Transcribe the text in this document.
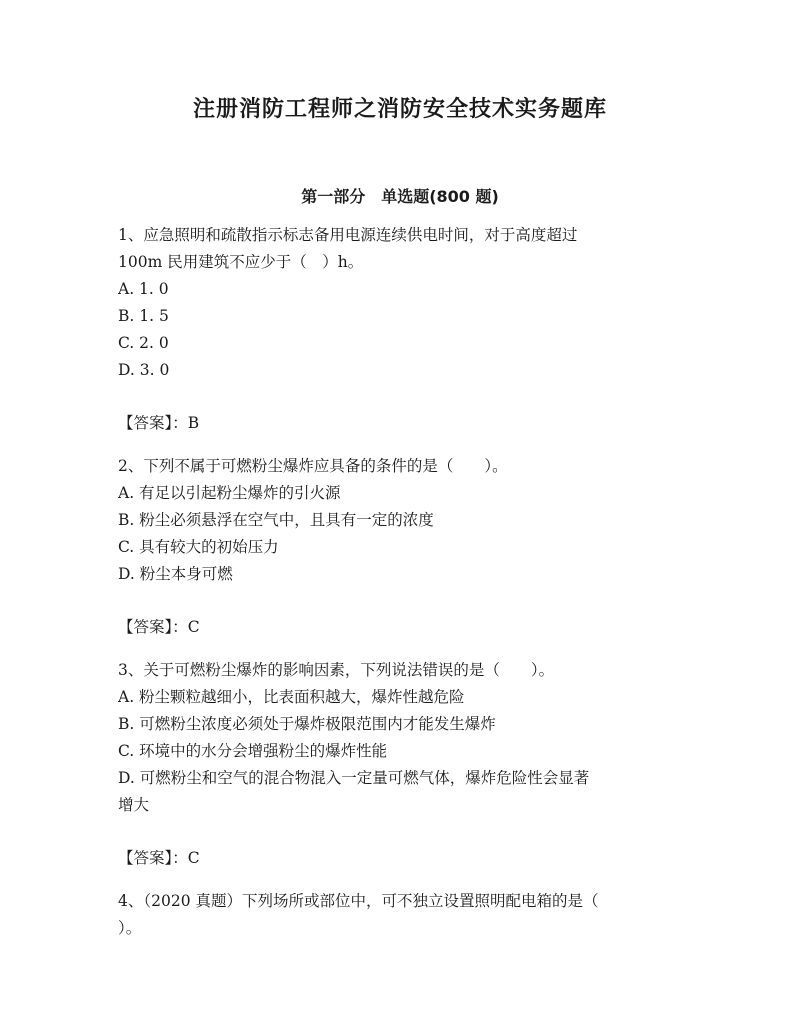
注册消防工程师之消防安全技术实务题库
第一部分　单选题(800 题)
1、应急照明和疏散指示标志备用电源连续供电时间，对于高度超过
100m 民用建筑不应少于（　）h。
A. 1. 0
B. 1. 5
C. 2. 0
D. 3. 0
【答案】：B
2、下列不属于可燃粉尘爆炸应具备的条件的是（　　）。
A. 有足以引起粉尘爆炸的引火源
B. 粉尘必须悬浮在空气中，且具有一定的浓度
C. 具有较大的初始压力
D. 粉尘本身可燃
【答案】：C
3、关于可燃粉尘爆炸的影响因素，下列说法错误的是（　　）。
A. 粉尘颗粒越细小，比表面积越大，爆炸性越危险
B. 可燃粉尘浓度必须处于爆炸极限范围内才能发生爆炸
C. 环境中的水分会增强粉尘的爆炸性能
D. 可燃粉尘和空气的混合物混入一定量可燃气体，爆炸危险性会显著
增大
【答案】：C
4、（2020 真题）下列场所或部位中，可不独立设置照明配电箱的是（
）。
